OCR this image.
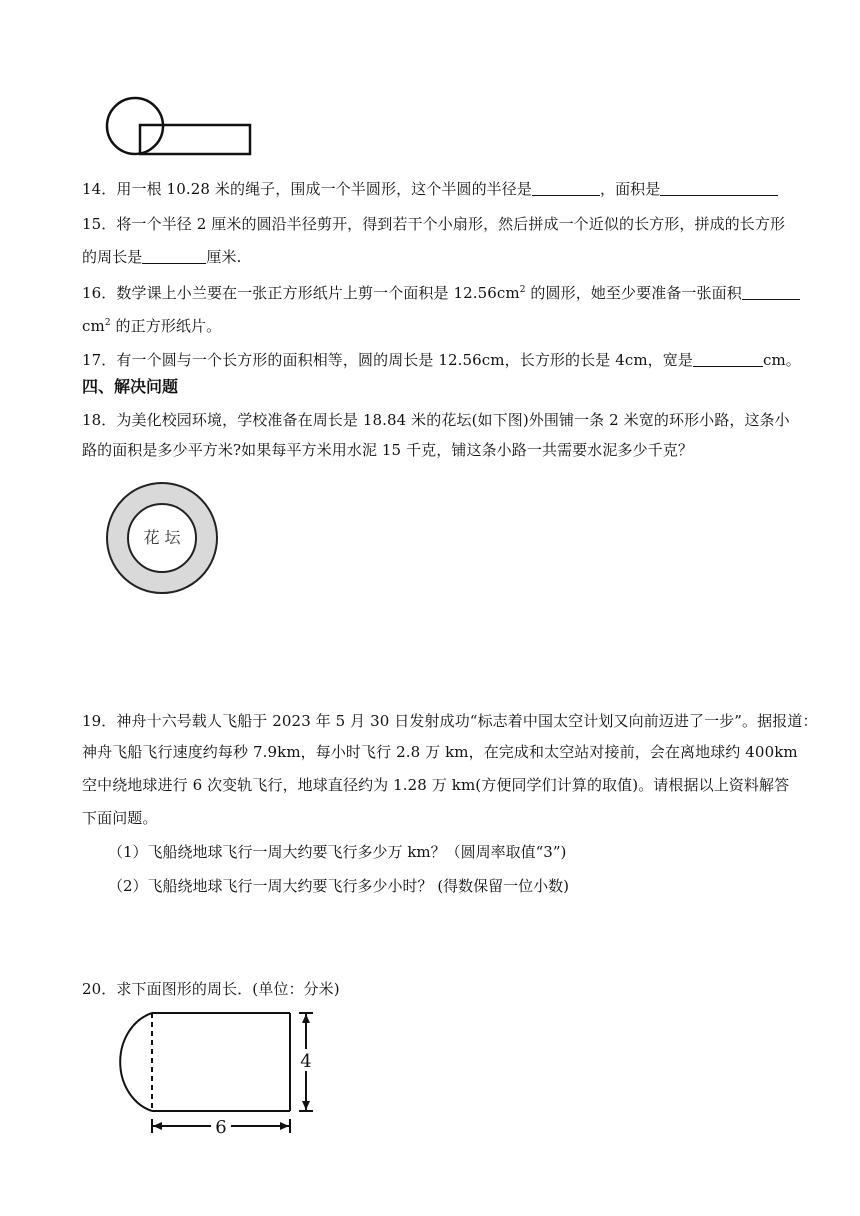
14．用一根 10.28 米的绳子，围成一个半圆形，这个半圆的半径是	，面积是
15．将一个半径 2 厘米的圆沿半径剪开，得到若干个小扇形，然后拼成一个近似的长方形，拼成的长方形
的周长是	厘米.
16．数学课上小兰要在一张正方形纸片上剪一个面积是 $12.56cm^2$ 的圆形，她至少要准备一张面积
$cm^2$ 的正方形纸片。
17．有一个圆与一个长方形的面积相等，圆的周长是 12.56cm，长方形的长是 4cm，宽是	cm。
四、解决问题
18．为美化校园环境，学校准备在周长是 18.84 米的花坛(如下图)外围铺一条 2 米宽的环形小路，这条小
路的面积是多少平方米?如果每平方米用水泥 15 千克，铺这条小路一共需要水泥多少千克？
花 坛
19．神舟十六号载人飞船于 2023 年 5 月 30 日发射成功“标志着中国太空计划又向前迈进了一步”。据报道：
神舟飞船飞行速度约每秒 7.9km，每小时飞行 2.8 万 km，在完成和太空站对接前，会在离地球约 400km
空中绕地球进行 6 次变轨飞行，地球直径约为 1.28 万 km(方便同学们计算的取值)。请根据以上资料解答
下面问题。
（1）飞船绕地球飞行一周大约要飞行多少万 km？（圆周率取值“3”)
（2）飞船绕地球飞行一周大约要飞行多少小时？ (得数保留一位小数)
20．求下面图形的周长．(单位：分米)
4
6
